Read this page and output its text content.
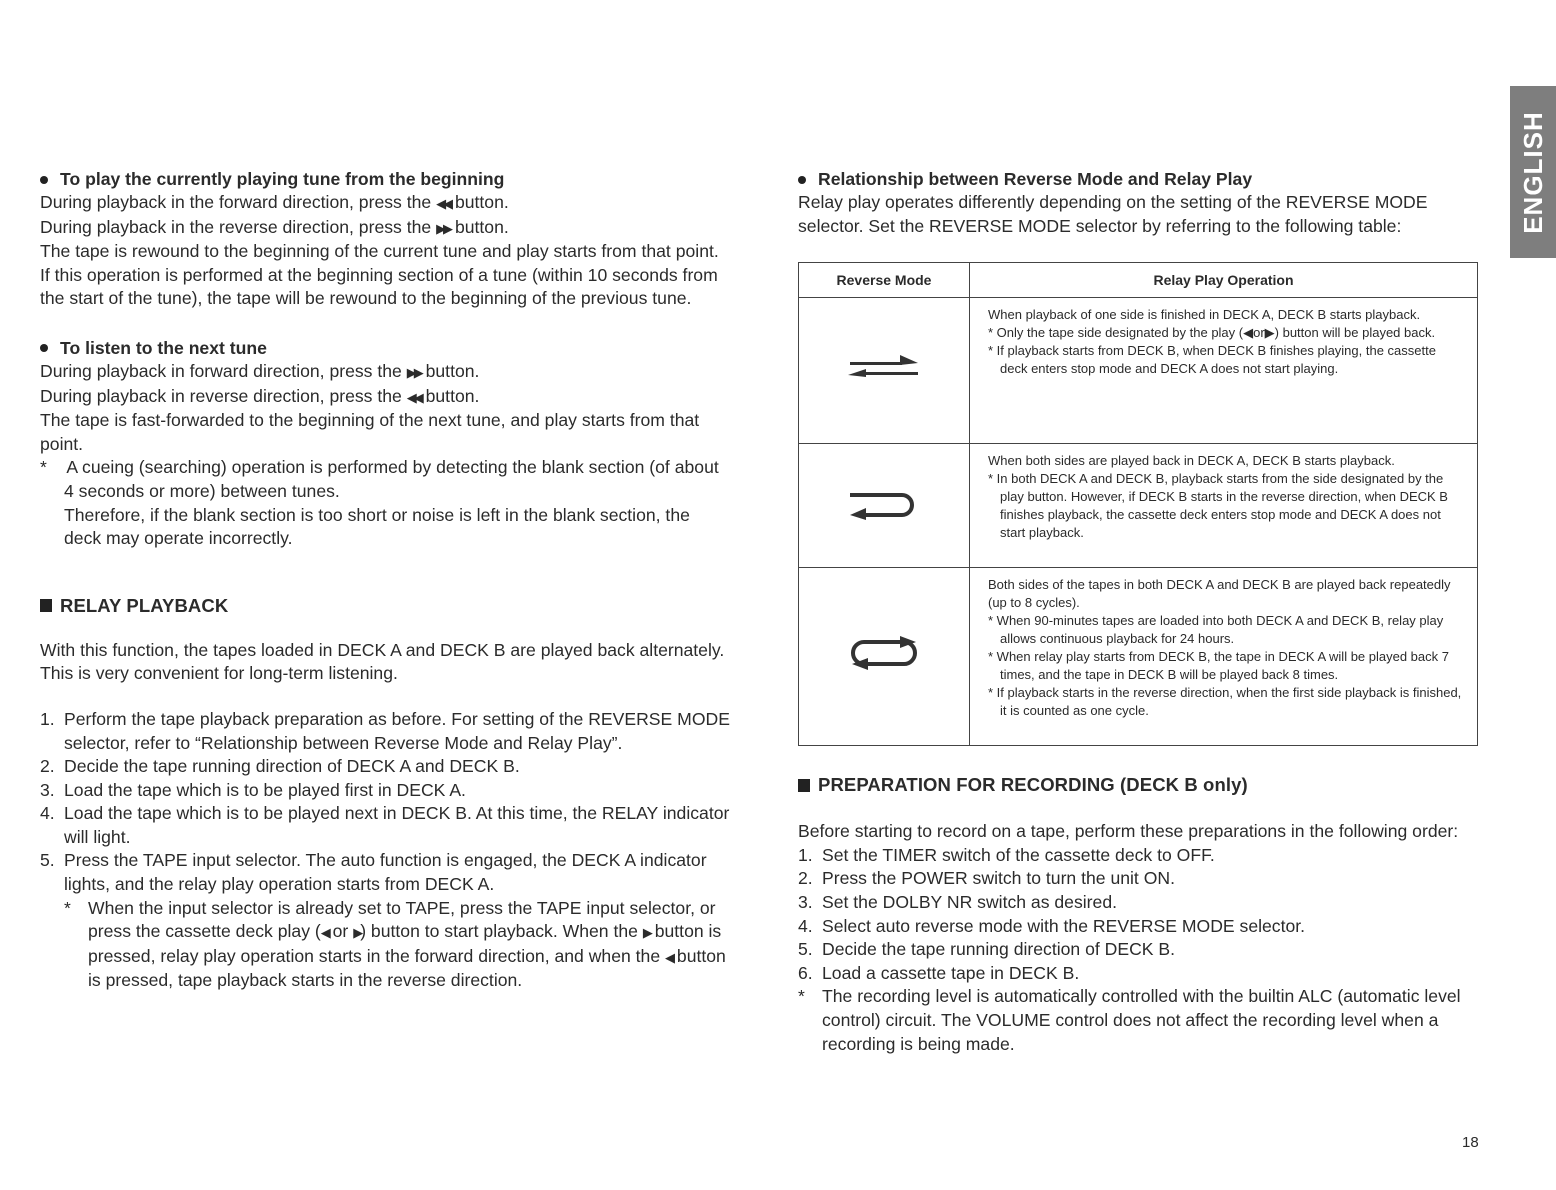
ENGLISH

To play the currently playing tune from the beginning

During playback in the forward direction, press the ◀◀ button.

During playback in the reverse direction, press the ▶▶ button.

The tape is rewound to the beginning of the current tune and play starts from that point. If this operation is performed at the beginning section of a tune (within 10 seconds from the start of the tune), the tape will be rewound to the beginning of the previous tune.

To listen to the next tune

During playback in forward direction, press the ▶▶ button.

During playback in reverse direction, press the ◀◀ button.

The tape is fast-forwarded to the beginning of the next tune, and play starts from that point.

*    A cueing (searching) operation is performed by detecting the blank section (of about 4 seconds or more) between tunes.

Therefore, if the blank section is too short or noise is left in the blank section, the deck may operate incorrectly.

RELAY PLAYBACK

With this function, the tapes loaded in DECK A and DECK B are played back alternately. This is very convenient for long-term listening.

1. Perform the tape playback preparation as before. For setting of the REVERSE MODE selector, refer to “Relationship between Reverse Mode and Relay Play”.
2. Decide the tape running direction of DECK A and DECK B.
3. Load the tape which is to be played first in DECK A.
4. Load the tape which is to be played next in DECK B. At this time, the RELAY indicator will light.
5. Press the TAPE input selector. The auto function is engaged, the DECK A indicator lights, and the relay play operation starts from DECK A.
* When the input selector is already set to TAPE, press the TAPE input selector, or press the cassette deck play (◀ or ▶) button to start playback. When the ▶ button is pressed, relay play operation starts in the forward direction, and when the ◀ button is pressed, tape playback starts in the reverse direction.

Relationship between Reverse Mode and Relay Play

Relay play operates differently depending on the setting of the REVERSE MODE selector. Set the REVERSE MODE selector by referring to the following table:

Reverse Mode	Relay Play Operation

When playback of one side is finished in DECK A, DECK B starts playback.
* Only the tape side designated by the play (◀or▶) button will be played back.
* If playback starts from DECK B, when DECK B finishes playing, the cassette deck enters stop mode and DECK A does not start playing.

When both sides are played back in DECK A, DECK B starts playback.
* In both DECK A and DECK B, playback starts from the side designated by the play button. However, if DECK B starts in the reverse direction, when DECK B finishes playback, the cassette deck enters stop mode and DECK A does not start playback.

Both sides of the tapes in both DECK A and DECK B are played back repeatedly (up to 8 cycles).
* When 90-minutes tapes are loaded into both DECK A and DECK B, relay play allows continuous playback for 24 hours.
* When relay play starts from DECK B, the tape in DECK A will be played back 7 times, and the tape in DECK B will be played back 8 times.
* If playback starts in the reverse direction, when the first side playback is finished, it is counted as one cycle.

PREPARATION FOR RECORDING (DECK B only)

Before starting to record on a tape, perform these preparations in the following order:

1. Set the TIMER switch of the cassette deck to OFF.
2. Press the POWER switch to turn the unit ON.
3. Set the DOLBY NR switch as desired.
4. Select auto reverse mode with the REVERSE MODE selector.
5. Decide the tape running direction of DECK B.
6. Load a cassette tape in DECK B.
* The recording level is automatically controlled with the builtin ALC (automatic level control) circuit. The VOLUME control does not affect the recording level when a recording is being made.
18
